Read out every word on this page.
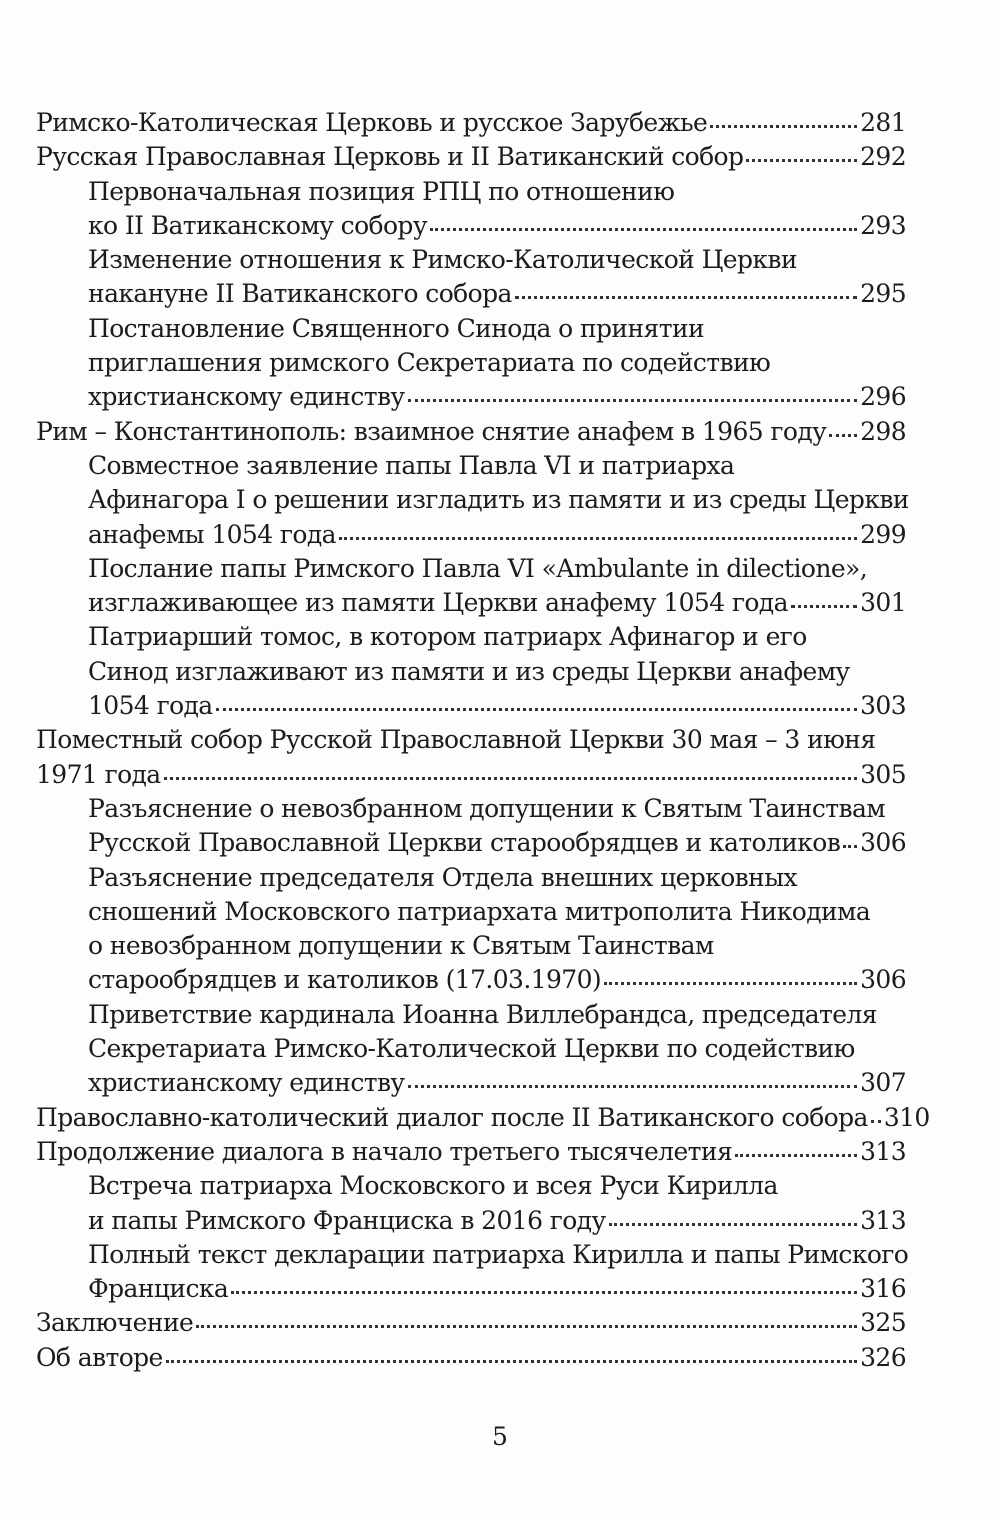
Римско-Католическая Церковь и русское Зарубежье	281
Русская Православная Церковь и II Ватиканский собор	292
Первоначальная позиция РПЦ по отношению
ко II Ватиканскому собору	293
Изменение отношения к Римско-Католической Церкви
накануне II Ватиканского собора	295
Постановление Священного Синода о принятии
приглашения римского Секретариата по содействию
христианскому единству	296
Рим – Константинополь: взаимное снятие анафем в 1965 году 298
Совместное заявление папы Павла VI и патриарха
Афинагора I о решении изгладить из памяти и из среды Церкви
анафемы 1054 года	299
Послание папы Римского Павла VI «Ambulante in dilectione»,
изглаживающее из памяти Церкви анафему 1054 года	301
Патриарший томос, в котором патриарх Афинагор и его
Синод изглаживают из памяти и из среды Церкви анафему
1054 года	303
Поместный собор Русской Православной Церкви 30 мая – 3 июня
1971 года	305
Разъяснение о невозбранном допущении к Святым Таинствам
Русской Православной Церкви старообрядцев и католиков 306
Разъяснение председателя Отдела внешних церковных
сношений Московского патриархата митрополита Никодима
о невозбранном допущении к Святым Таинствам
старообрядцев и католиков (17.03.1970)	306
Приветствие кардинала Иоанна Виллебрандса, председателя
Секретариата Римско-Католической Церкви по содействию
христианскому единству	307
Православно-католический диалог после II Ватиканского собора 310
Продолжение диалога в начало третьего тысячелетия	313
Встреча патриарха Московского и всея Руси Кирилла
и папы Римского Франциска в 2016 году	313
Полный текст декларации патриарха Кирилла и папы Римского
Франциска	316
Заключение	325
Об авторе	326
5
